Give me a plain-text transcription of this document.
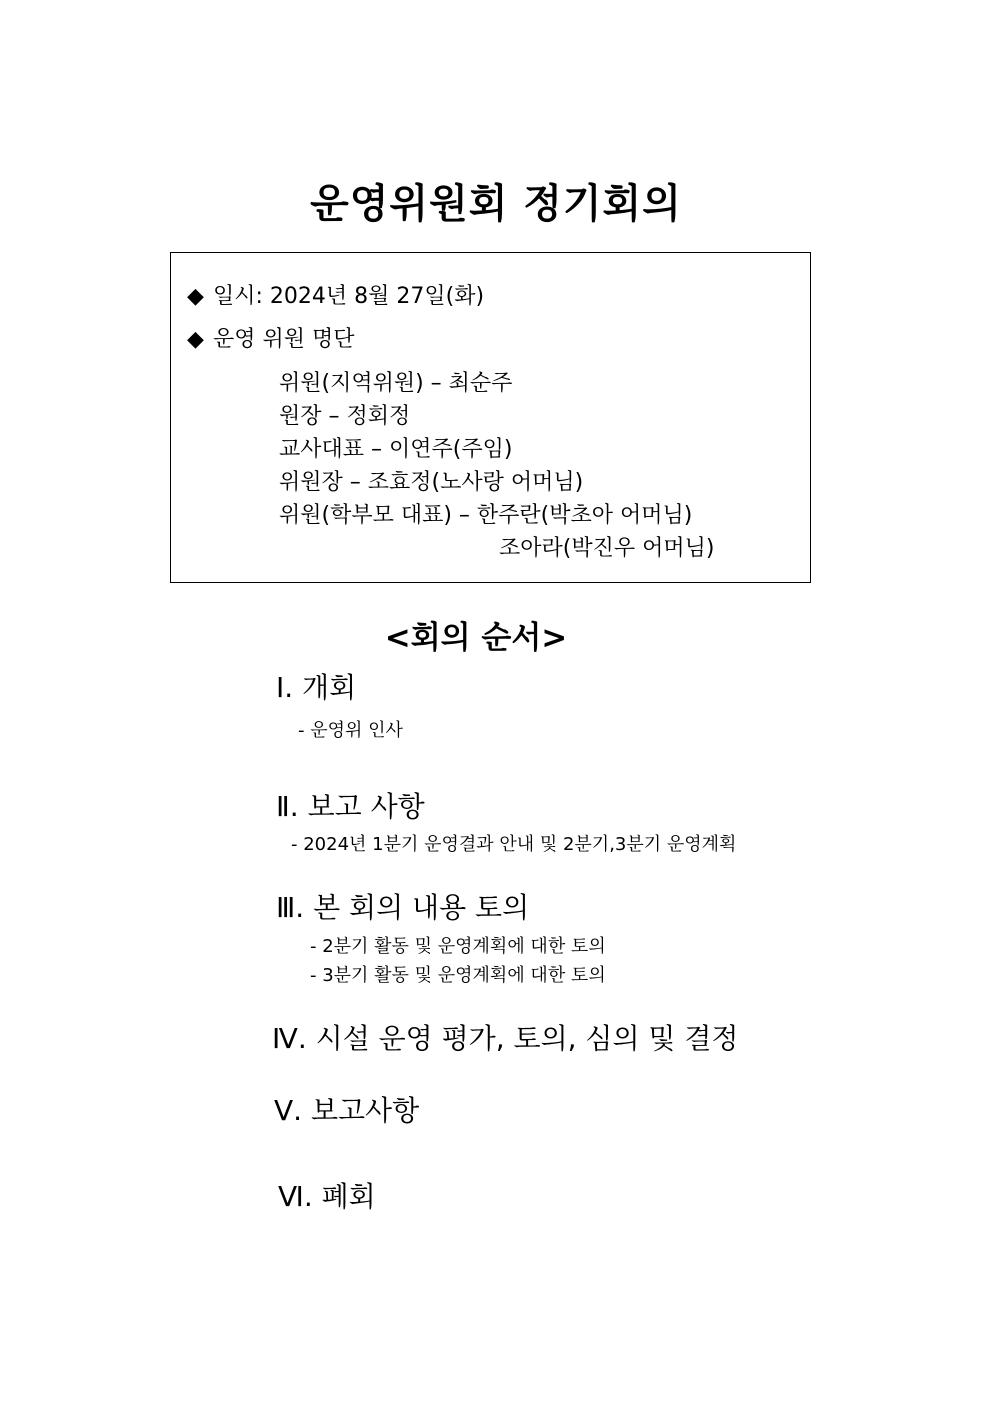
운영위원회 정기회의
◆ 일시: 2024년 8월 27일(화)
◆ 운영 위원 명단
위원(지역위원) – 최순주
원장 – 정회정
교사대표 – 이연주(주임)
위원장 – 조효정(노사랑 어머님)
위원(학부모 대표) – 한주란(박초아 어머님)
조아라(박진우 어머님)
<회의 순서>
Ⅰ. 개회
- 운영위 인사
Ⅱ. 보고 사항
- 2024년 1분기 운영결과 안내 및 2분기,3분기 운영계획
Ⅲ. 본 회의 내용 토의
- 2분기 활동 및 운영계획에 대한 토의
- 3분기 활동 및 운영계획에 대한 토의
Ⅳ. 시설 운영 평가, 토의, 심의 및 결정
Ⅴ. 보고사항
Ⅵ. 폐회
